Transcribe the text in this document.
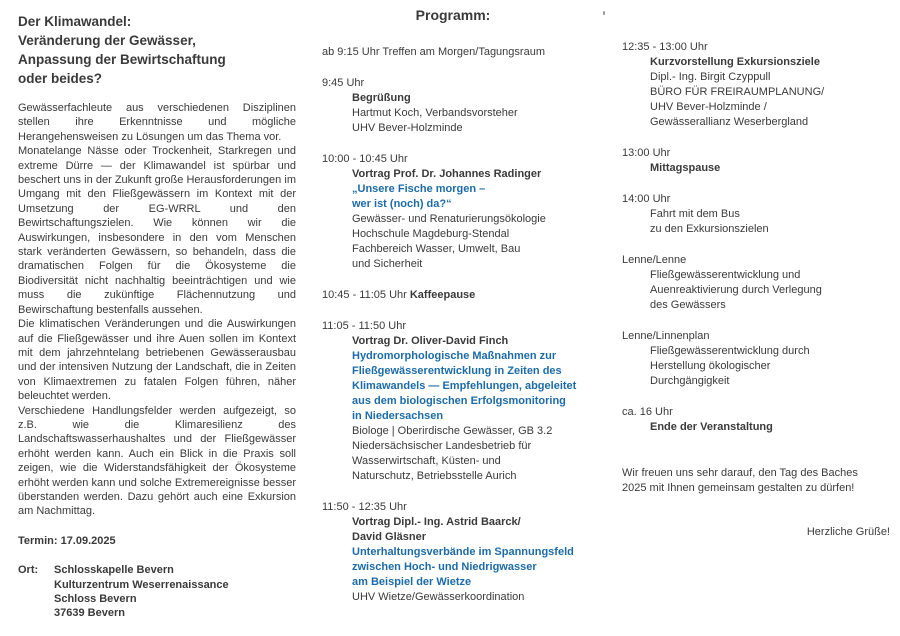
Der Klimawandel:
Veränderung der Gewässer,
Anpassung der Bewirtschaftung
oder beides?
Gewässerfachleute aus verschiedenen Disziplinen stellen ihre Erkenntnisse und mögliche Herangehensweisen zu Lösungen um das Thema vor.
Monatelange Nässe oder Trockenheit, Starkregen und extreme Dürre — der Klimawandel ist spürbar und beschert uns in der Zukunft große Herausforderungen im Umgang mit den Fließgewässern im Kontext mit der Umsetzung der EG-WRRL und den Bewirtschaftungszielen. Wie können wir die Auswirkungen, insbesondere in den vom Menschen stark veränderten Gewässern, so behandeln, dass die dramatischen Folgen für die Ökosysteme die Biodiversität nicht nachhaltig beeinträchtigen und wie muss die zukünftige Flächennutzung und Bewirschaftung bestenfalls aussehen.
Die klimatischen Veränderungen und die Auswirkungen auf die Fließgewässer und ihre Auen sollen im Kontext mit dem jahrzehntelang betriebenen Gewässerausbau und der intensiven Nutzung der Landschaft, die in Zeiten von Klimaextremen zu fatalen Folgen führen, näher beleuchtet werden.
Verschiedene Handlungsfelder werden aufgezeigt, so z.B. wie die Klimaresilienz des Landschaftswasserhaushaltes und der Fließgewässer erhöht werden kann. Auch ein Blick in die Praxis soll zeigen, wie die Widerstandsfähigkeit der Ökosysteme erhöht werden kann und solche Extremereignisse besser überstanden werden. Dazu gehört auch eine Exkursion am Nachmittag.
Termin: 17.09.2025
Ort:	Schlosskapelle Bevern
Kulturzentrum Weserrenaissance
Schloss Bevern
37639 Bevern
Programm:
ab 9:15 Uhr Treffen am Morgen/Tagungsraum
9:45 Uhr
Begrüßung
Hartmut Koch, Verbandsvorsteher
UHV Bever-Holzminde
10:00 - 10:45 Uhr
Vortrag Prof. Dr. Johannes Radinger
„Unsere Fische morgen –
wer ist (noch) da?“
Gewässer- und Renaturierungsökologie
Hochschule Magdeburg-Stendal
Fachbereich Wasser, Umwelt, Bau
und Sicherheit
10:45 - 11:05 Uhr Kaffeepause
11:05 - 11:50 Uhr
Vortrag Dr. Oliver-David Finch
Hydromorphologische Maßnahmen zur
Fließgewässerentwicklung in Zeiten des
Klimawandels — Empfehlungen, abgeleitet
aus dem biologischen Erfolgsmonitoring
in Niedersachsen
Biologe | Oberirdische Gewässer, GB 3.2
Niedersächsischer Landesbetrieb für
Wasserwirtschaft, Küsten- und
Naturschutz, Betriebsstelle Aurich
11:50 - 12:35 Uhr
Vortrag Dipl.- Ing. Astrid Baarck/
David Gläsner
Unterhaltungsverbände im Spannungsfeld
zwischen Hoch- und Niedrigwasser
am Beispiel der Wietze
UHV Wietze/Gewässerkoordination
12:35 - 13:00 Uhr
Kurzvorstellung Exkursionsziele
Dipl.- Ing. Birgit Czyppull
BÜRO FÜR FREIRAUMPLANUNG/
UHV Bever-Holzminde /
Gewässerallianz Weserbergland
13:00 Uhr
Mittagspause
14:00 Uhr
Fahrt mit dem Bus
zu den Exkursionszielen
Lenne/Lenne
Fließgewässerentwicklung und
Auenreaktivierung durch Verlegung
des Gewässers
Lenne/Linnenplan
Fließgewässerentwicklung durch
Herstellung ökologischer
Durchgängigkeit
ca. 16 Uhr
Ende der Veranstaltung
Wir freuen uns sehr darauf, den Tag des Baches
2025 mit Ihnen gemeinsam gestalten zu dürfen!
Herzliche Grüße!
